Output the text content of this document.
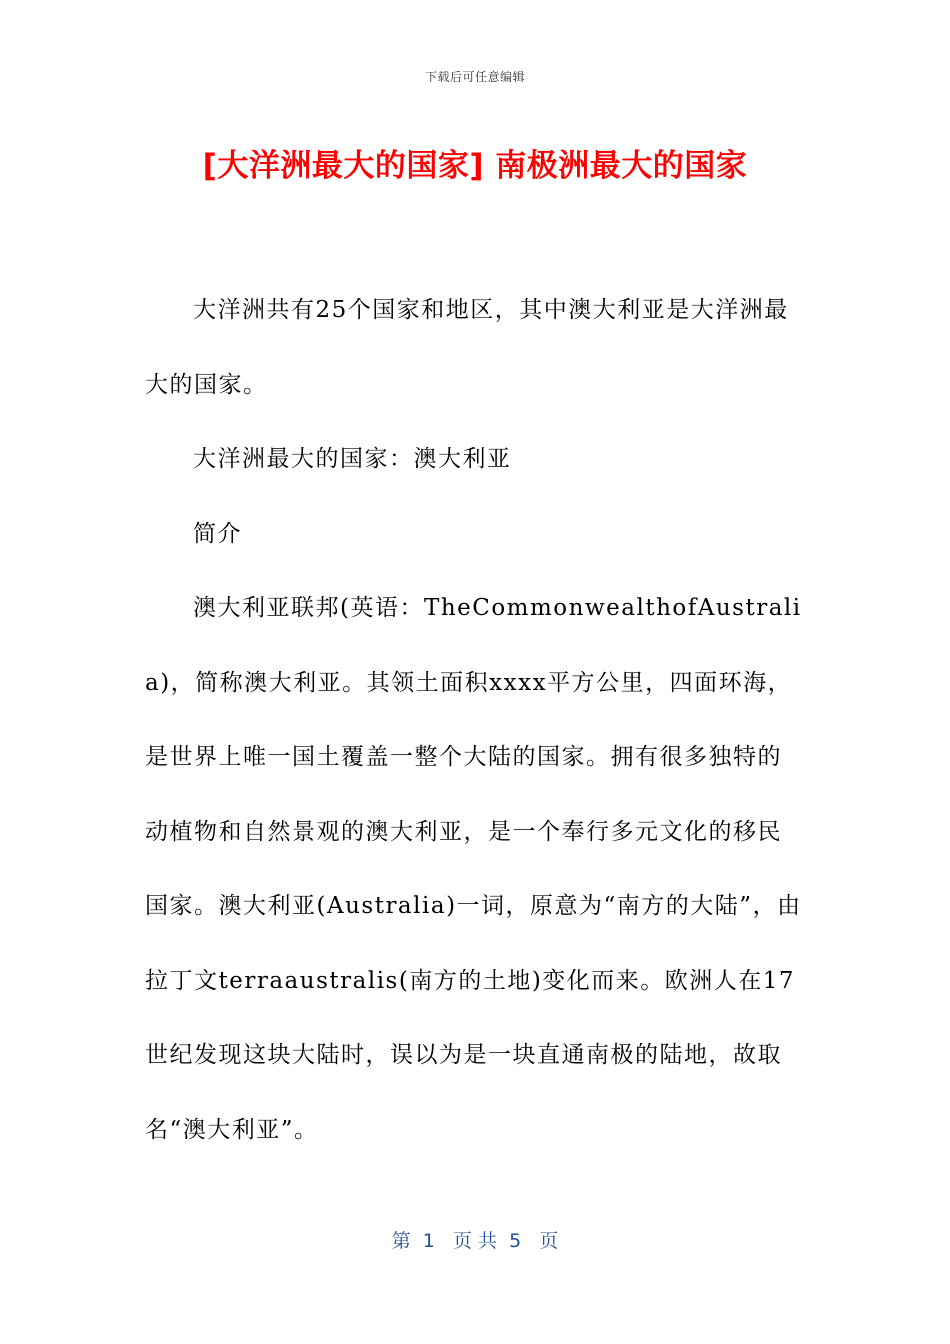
下载后可任意编辑
[大洋洲最大的国家] 南极洲最大的国家

大洋洲共有25个国家和地区，其中澳大利亚是大洋洲最大的国家。

大洋洲最大的国家：澳大利亚

简介

澳大利亚联邦(英语：TheCommonwealthofAustralia)，简称澳大利亚。其领土面积xxxx平方公里，四面环海，是世界上唯一国土覆盖一整个大陆的国家。拥有很多独特的动植物和自然景观的澳大利亚，是一个奉行多元文化的移民国家。澳大利亚(Australia)一词，原意为“南方的大陆”，由拉丁文terraaustralis(南方的土地)变化而来。欧洲人在17世纪发现这块大陆时，误以为是一块直通南极的陆地，故取名“澳大利亚”。

第  1   页 共  5   页
